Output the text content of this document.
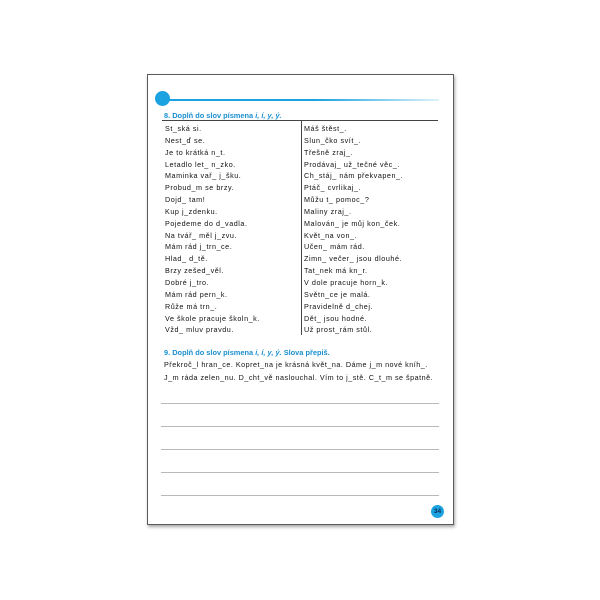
8. Doplň do slov písmena i, í, y, ý.
St_ská si.
Nest_ď se.
Je to krátká n_t.
Letadlo let_ n_zko.
Maminka vař_ j_šku.
Probud_m se brzy.
Dojd_ tam!
Kup j_zdenku.
Pojedeme do d_vadla.
Na tvář_ měl j_zvu.
Mám rád j_trn_ce.
Hlad_ d_tě.
Brzy zešed_věl.
Dobré j_tro.
Mám rád pern_k.
Růže má trn_.
Ve škole pracuje školn_k.
Vžd_ mluv pravdu.
Máš štěst_.
Slun_čko svít_.
Třešně zraj_.
Prodávaj_ už_tečné věc_.
Ch_stáj_ nám překvapen_.
Ptáč_ cvrlikaj_.
Můžu t_ pomoc_?
Maliny zraj_.
Malován_ je můj kon_ček.
Květ_na von_.
Učen_ mám rád.
Zimn_ večer_ jsou dlouhé.
Tat_nek má kn_r.
V dole pracuje horn_k.
Světn_ce je malá.
Pravidelně d_chej.
Dět_ jsou hodné.
Už prost_rám stůl.
9. Doplň do slov písmena i, í, y, ý. Slova přepiš.
Překroč_l hran_ce. Kopret_na je krásná květ_na. Dáme j_m nové kníh_.
J_m ráda zelen_nu. D_cht_vě naslouchal. Vím to j_stě. C_t_m se špatně.
34
